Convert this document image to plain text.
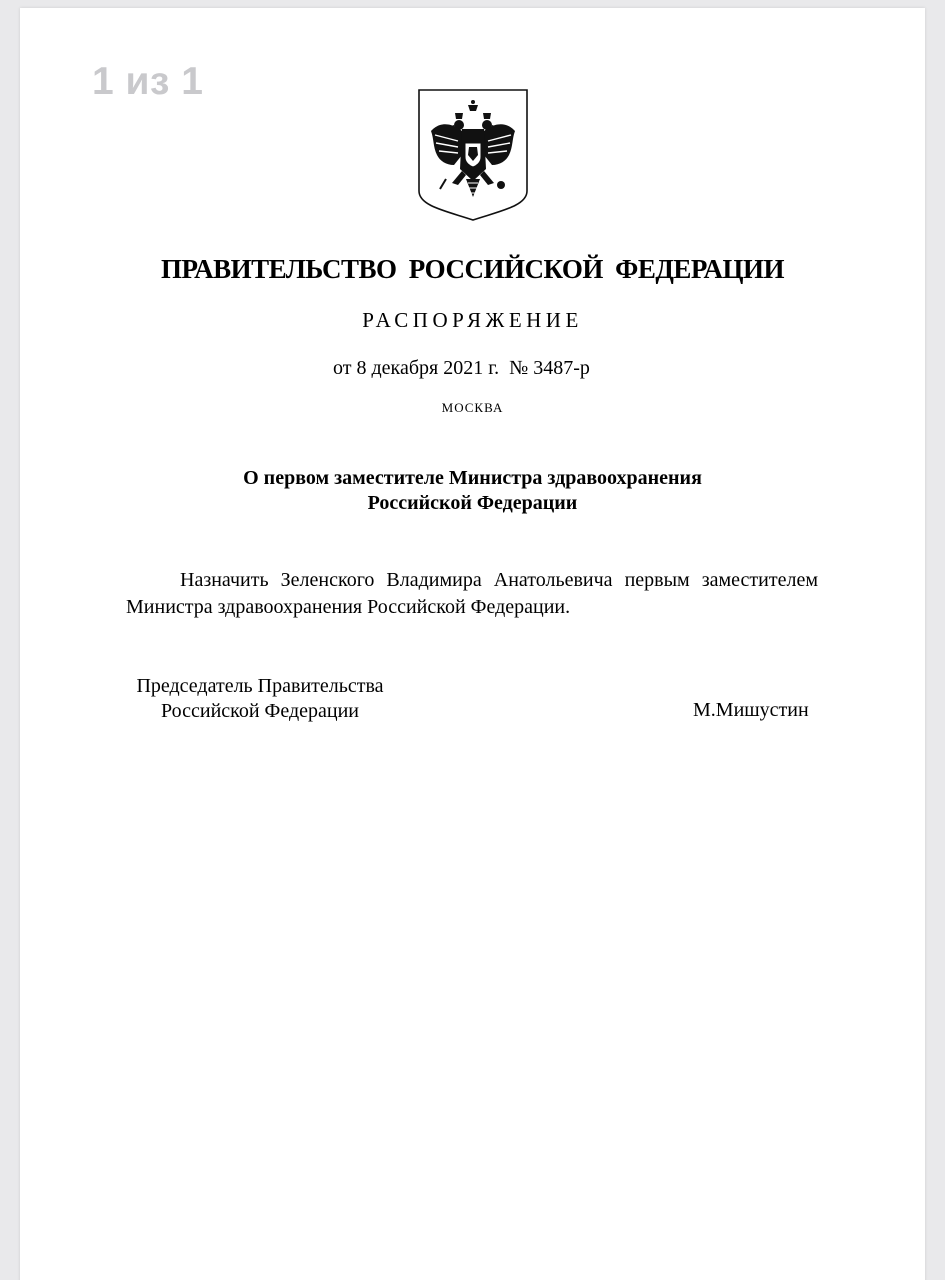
1 из 1
ПРАВИТЕЛЬСТВО РОССИЙСКОЙ ФЕДЕРАЦИИ
РАСПОРЯЖЕНИЕ
от 8 декабря 2021 г.  № 3487-р
МОСКВА
О первом заместителе Министра здравоохранения
Российской Федерации
Назначить Зеленского Владимира Анатольевича первым заместителем Министра здравоохранения Российской Федерации.
Председатель Правительства
Российской Федерации	М.Мишустин
